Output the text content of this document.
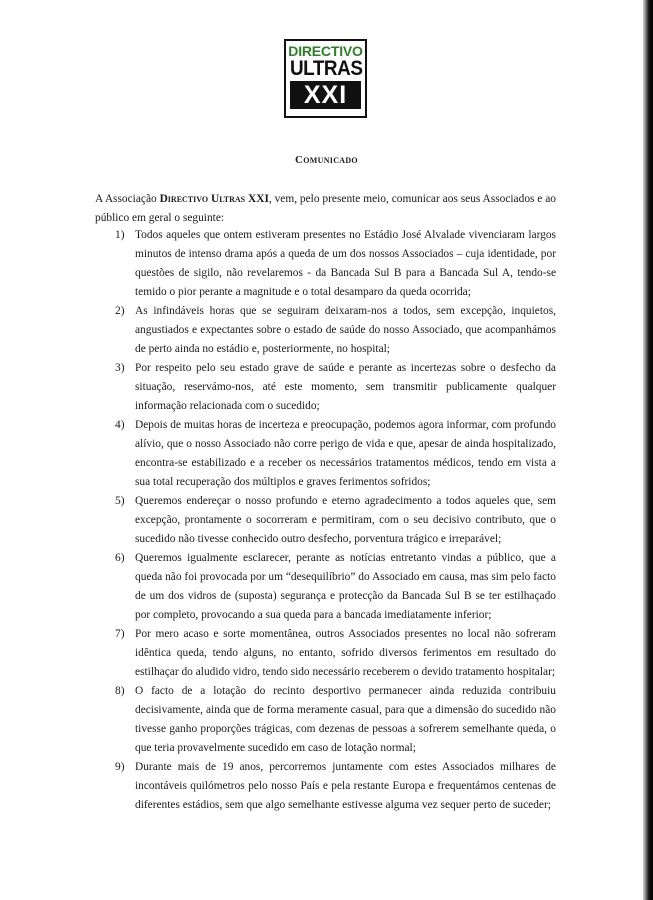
DIRECTIVO
ULTRAS
XXI
Comunicado

A Associação Directivo Ultras XXI, vem, pelo presente meio, comunicar aos seus Associados e ao público em geral o seguinte:

1) Todos aqueles que ontem estiveram presentes no Estádio José Alvalade vivenciaram largos minutos de intenso drama após a queda de um dos nossos Associados – cuja identidade, por questões de sigilo, não revelaremos - da Bancada Sul B para a Bancada Sul A, tendo-se temido o pior perante a magnitude e o total desamparo da queda ocorrida;
2) As infindáveis horas que se seguiram deixaram-nos a todos, sem excepção, inquietos, angustiados e expectantes sobre o estado de saúde do nosso Associado, que acompanhámos de perto ainda no estádio e, posteriormente, no hospital;
3) Por respeito pelo seu estado grave de saúde e perante as incertezas sobre o desfecho da situação, reservámo-nos, até este momento, sem transmitir publicamente qualquer informação relacionada com o sucedido;
4) Depois de muitas horas de incerteza e preocupação, podemos agora informar, com profundo alívio, que o nosso Associado não corre perigo de vida e que, apesar de ainda hospitalizado, encontra-se estabilizado e a receber os necessários tratamentos médicos, tendo em vista a sua total recuperação dos múltiplos e graves ferimentos sofridos;
5) Queremos endereçar o nosso profundo e eterno agradecimento a todos aqueles que, sem excepção, prontamente o socorreram e permitiram, com o seu decisivo contributo, que o sucedido não tivesse conhecido outro desfecho, porventura trágico e irreparável;
6) Queremos igualmente esclarecer, perante as notícias entretanto vindas a público, que a queda não foi provocada por um “desequilíbrio” do Associado em causa, mas sim pelo facto de um dos vidros de (suposta) segurança e protecção da Bancada Sul B se ter estilhaçado por completo, provocando a sua queda para a bancada imediatamente inferior;
7) Por mero acaso e sorte momentânea, outros Associados presentes no local não sofreram idêntica queda, tendo alguns, no entanto, sofrido diversos ferimentos em resultado do estilhaçar do aludido vidro, tendo sido necessário receberem o devido tratamento hospitalar;
8) O facto de a lotação do recinto desportivo permanecer ainda reduzida contribuiu decisivamente, ainda que de forma meramente casual, para que a dimensão do sucedido não tivesse ganho proporções trágicas, com dezenas de pessoas a sofrerem semelhante queda, o que teria provavelmente sucedido em caso de lotação normal;
9) Durante mais de 19 anos, percorremos juntamente com estes Associados milhares de incontáveis quilómetros pelo nosso País e pela restante Europa e frequentámos centenas de diferentes estádios, sem que algo semelhante estivesse alguma vez sequer perto de suceder;
